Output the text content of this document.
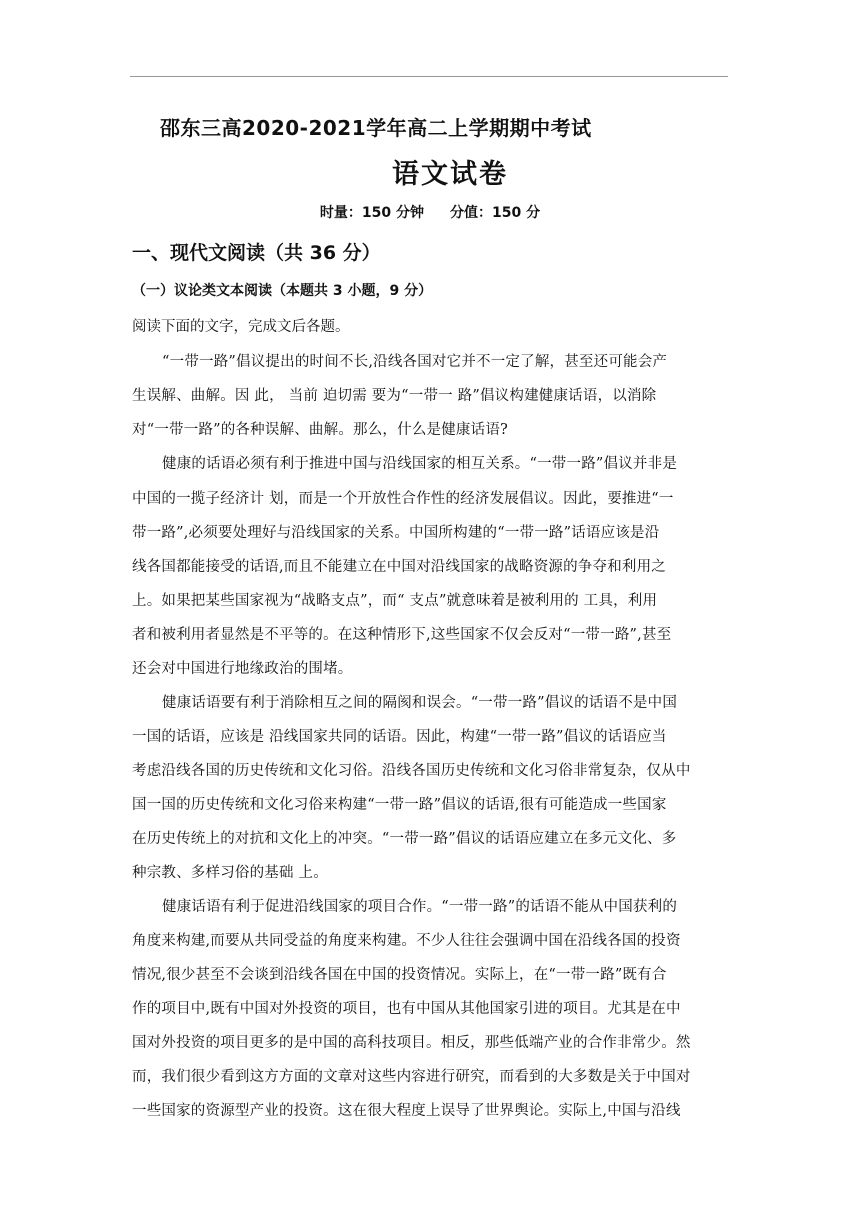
邵东三高2020-2021学年高二上学期期中考试
语文试卷
时量：150 分钟 分值：150 分
一、现代文阅读（共 36 分）
（一）议论类文本阅读（本题共 3 小题，9 分）
阅读下面的文字，完成文后各题。
“一带一路”倡议提出的时间不长,沿线各国对它并不一定了解，甚至还可能会产
生误解、曲解。因 此， 当前 迫切需 要为“一带一 路”倡议构建健康话语，以消除
对“一带一路”的各种误解、曲解。那么，什么是健康话语?
健康的话语必须有利于推进中国与沿线国家的相互关系。“一带一路”倡议并非是
中国的一揽子经济计 划，而是一个开放性合作性的经济发展倡议。因此，要推进“一
带一路”,必须要处理好与沿线国家的关系。中国所构建的“一带一路”话语应该是沿
线各国都能接受的话语,而且不能建立在中国对沿线国家的战略资源的争夺和利用之
上。如果把某些国家视为“战略支点”，而“ 支点”就意味着是被利用的 工具，利用
者和被利用者显然是不平等的。在这种情形下,这些国家不仅会反对“一带一路”,甚至
还会对中国进行地缘政治的围堵。
健康话语要有利于消除相互之间的隔阂和误会。“一带一路”倡议的话语不是中国
一国的话语，应该是 沿线国家共同的话语。因此，构建“一带一路”倡议的话语应当
考虑沿线各国的历史传统和文化习俗。沿线各国历史传统和文化习俗非常复杂，仅从中
国一国的历史传统和文化习俗来构建“一带一路”倡议的话语,很有可能造成一些国家
在历史传统上的对抗和文化上的冲突。“一带一路”倡议的话语应建立在多元文化、多
种宗教、多样习俗的基础 上。
健康话语有利于促进沿线国家的项目合作。“一带一路”的话语不能从中国获利的
角度来构建,而要从共同受益的角度来构建。不少人往往会强调中国在沿线各国的投资
情况,很少甚至不会谈到沿线各国在中国的投资情况。实际上，在“一带一路”既有合
作的项目中,既有中国对外投资的项目，也有中国从其他国家引进的项目。尤其是在中
国对外投资的项目更多的是中国的高科技项目。相反，那些低端产业的合作非常少。然
而，我们很少看到这方方面的文章对这些内容进行研究，而看到的大多数是关于中国对
一些国家的资源型产业的投资。这在很大程度上误导了世界舆论。实际上,中国与沿线
